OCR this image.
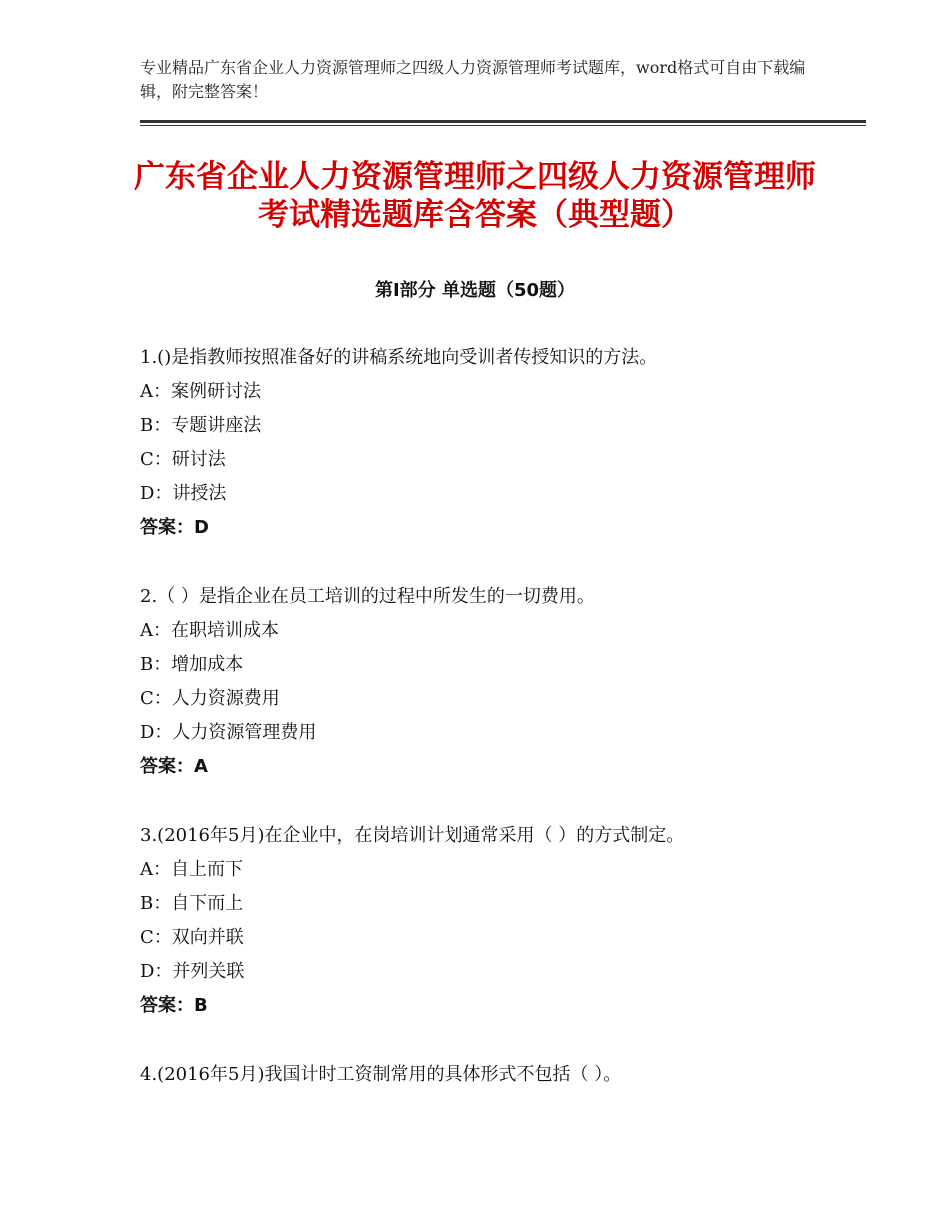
专业精品广东省企业人力资源管理师之四级人力资源管理师考试题库，word格式可自由下载编辑，附完整答案！
广东省企业人力资源管理师之四级人力资源管理师考试精选题库含答案（典型题）
第Ⅰ部分 单选题（50题）
1.()是指教师按照准备好的讲稿系统地向受训者传授知识的方法。
A：案例研讨法
B：专题讲座法
C：研讨法
D：讲授法
答案：D
2.（ ）是指企业在员工培训的过程中所发生的一切费用。
A：在职培训成本
B：增加成本
C：人力资源费用
D：人力资源管理费用
答案：A
3.(2016年5月)在企业中，在岗培训计划通常采用（ ）的方式制定。
A：自上而下
B：自下而上
C：双向并联
D：并列关联
答案：B
4.(2016年5月)我国计时工资制常用的具体形式不包括（ ）。
